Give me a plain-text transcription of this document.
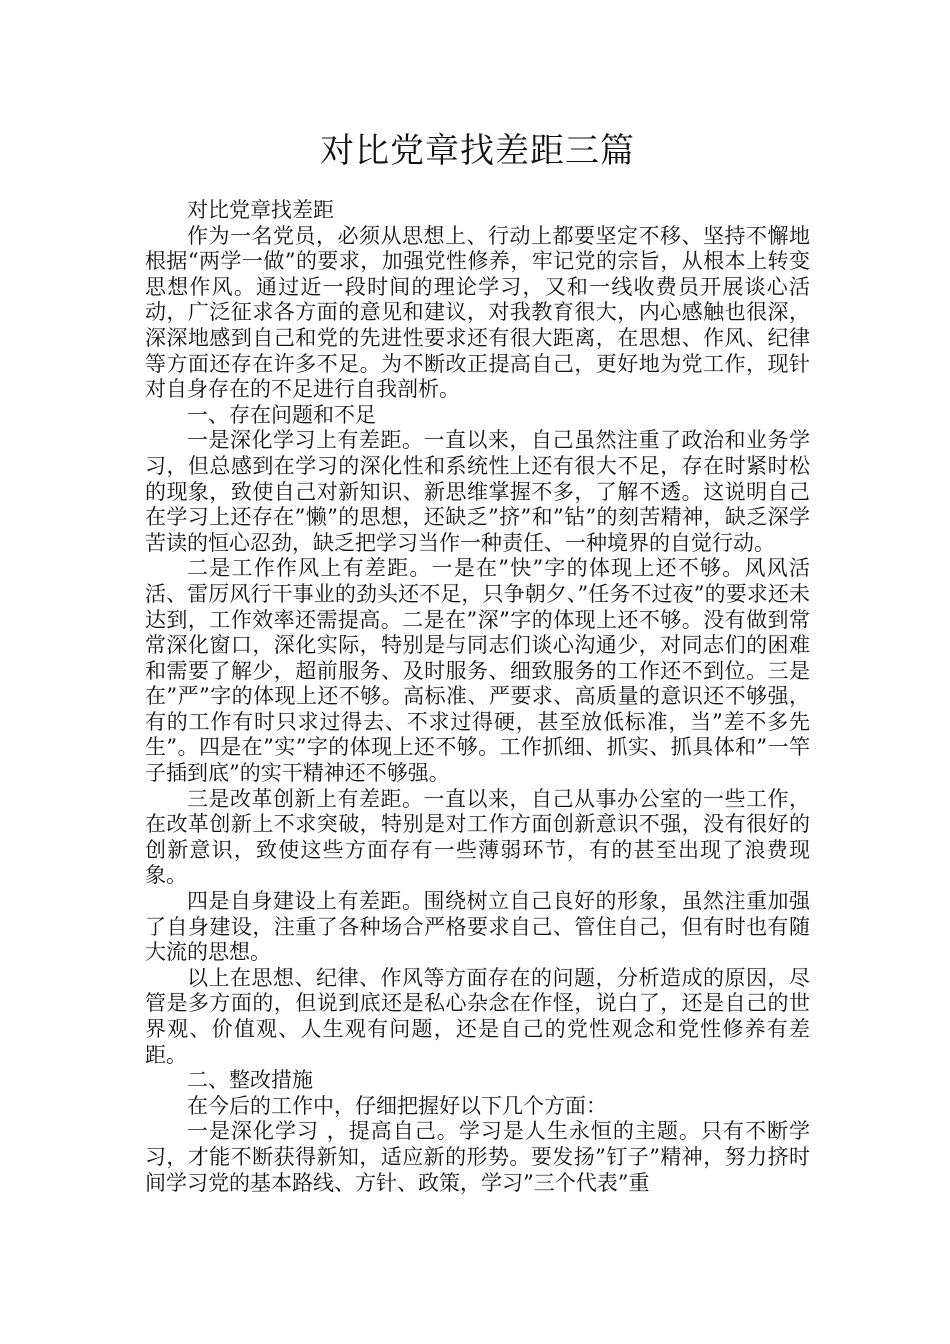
对比党章找差距三篇

对比党章找差距

作为一名党员，必须从思想上、行动上都要坚定不移、坚持不懈地根据“两学一做”的要求，加强党性修养，牢记党的宗旨，从根本上转变思想作风。通过近一段时间的理论学习，又和一线收费员开展谈心活动，广泛征求各方面的意见和建议，对我教育很大，内心感触也很深，深深地感到自己和党的先进性要求还有很大距离，在思想、作风、纪律等方面还存在许多不足。为不断改正提高自己，更好地为党工作，现针对自身存在的不足进行自我剖析。

一、存在问题和不足

一是深化学习上有差距。一直以来，自己虽然注重了政治和业务学习，但总感到在学习的深化性和系统性上还有很大不足，存在时紧时松的现象，致使自己对新知识、新思维掌握不多，了解不透。这说明自己在学习上还存在”懒”的思想，还缺乏”挤”和”钻”的刻苦精神，缺乏深学苦读的恒心忍劲，缺乏把学习当作一种责任、一种境界的自觉行动。

二是工作作风上有差距。一是在”快”字的体现上还不够。风风活活、雷厉风行干事业的劲头还不足，只争朝夕、”任务不过夜”的要求还未达到，工作效率还需提高。二是在”深”字的体现上还不够。没有做到常常深化窗口，深化实际，特别是与同志们谈心沟通少，对同志们的困难和需要了解少，超前服务、及时服务、细致服务的工作还不到位。三是在”严”字的体现上还不够。高标准、严要求、高质量的意识还不够强，有的工作有时只求过得去、不求过得硬，甚至放低标准，当”差不多先生”。四是在”实”字的体现上还不够。工作抓细、抓实、抓具体和”一竿子插到底”的实干精神还不够强。

三是改革创新上有差距。一直以来，自己从事办公室的一些工作，在改革创新上不求突破，特别是对工作方面创新意识不强，没有很好的创新意识，致使这些方面存有一些薄弱环节，有的甚至出现了浪费现象。

四是自身建设上有差距。围绕树立自己良好的形象，虽然注重加强了自身建设，注重了各种场合严格要求自己、管住自己，但有时也有随大流的思想。

以上在思想、纪律、作风等方面存在的问题，分析造成的原因，尽管是多方面的，但说到底还是私心杂念在作怪，说白了，还是自己的世界观、价值观、人生观有问题，还是自己的党性观念和党性修养有差距。

二、整改措施

在今后的工作中，仔细把握好以下几个方面：

一是深化学习 ，提高自己。学习是人生永恒的主题。只有不断学习，才能不断获得新知，适应新的形势。要发扬”钉子”精神，努力挤时间学习党的基本路线、方针、政策，学习”三个代表”重
